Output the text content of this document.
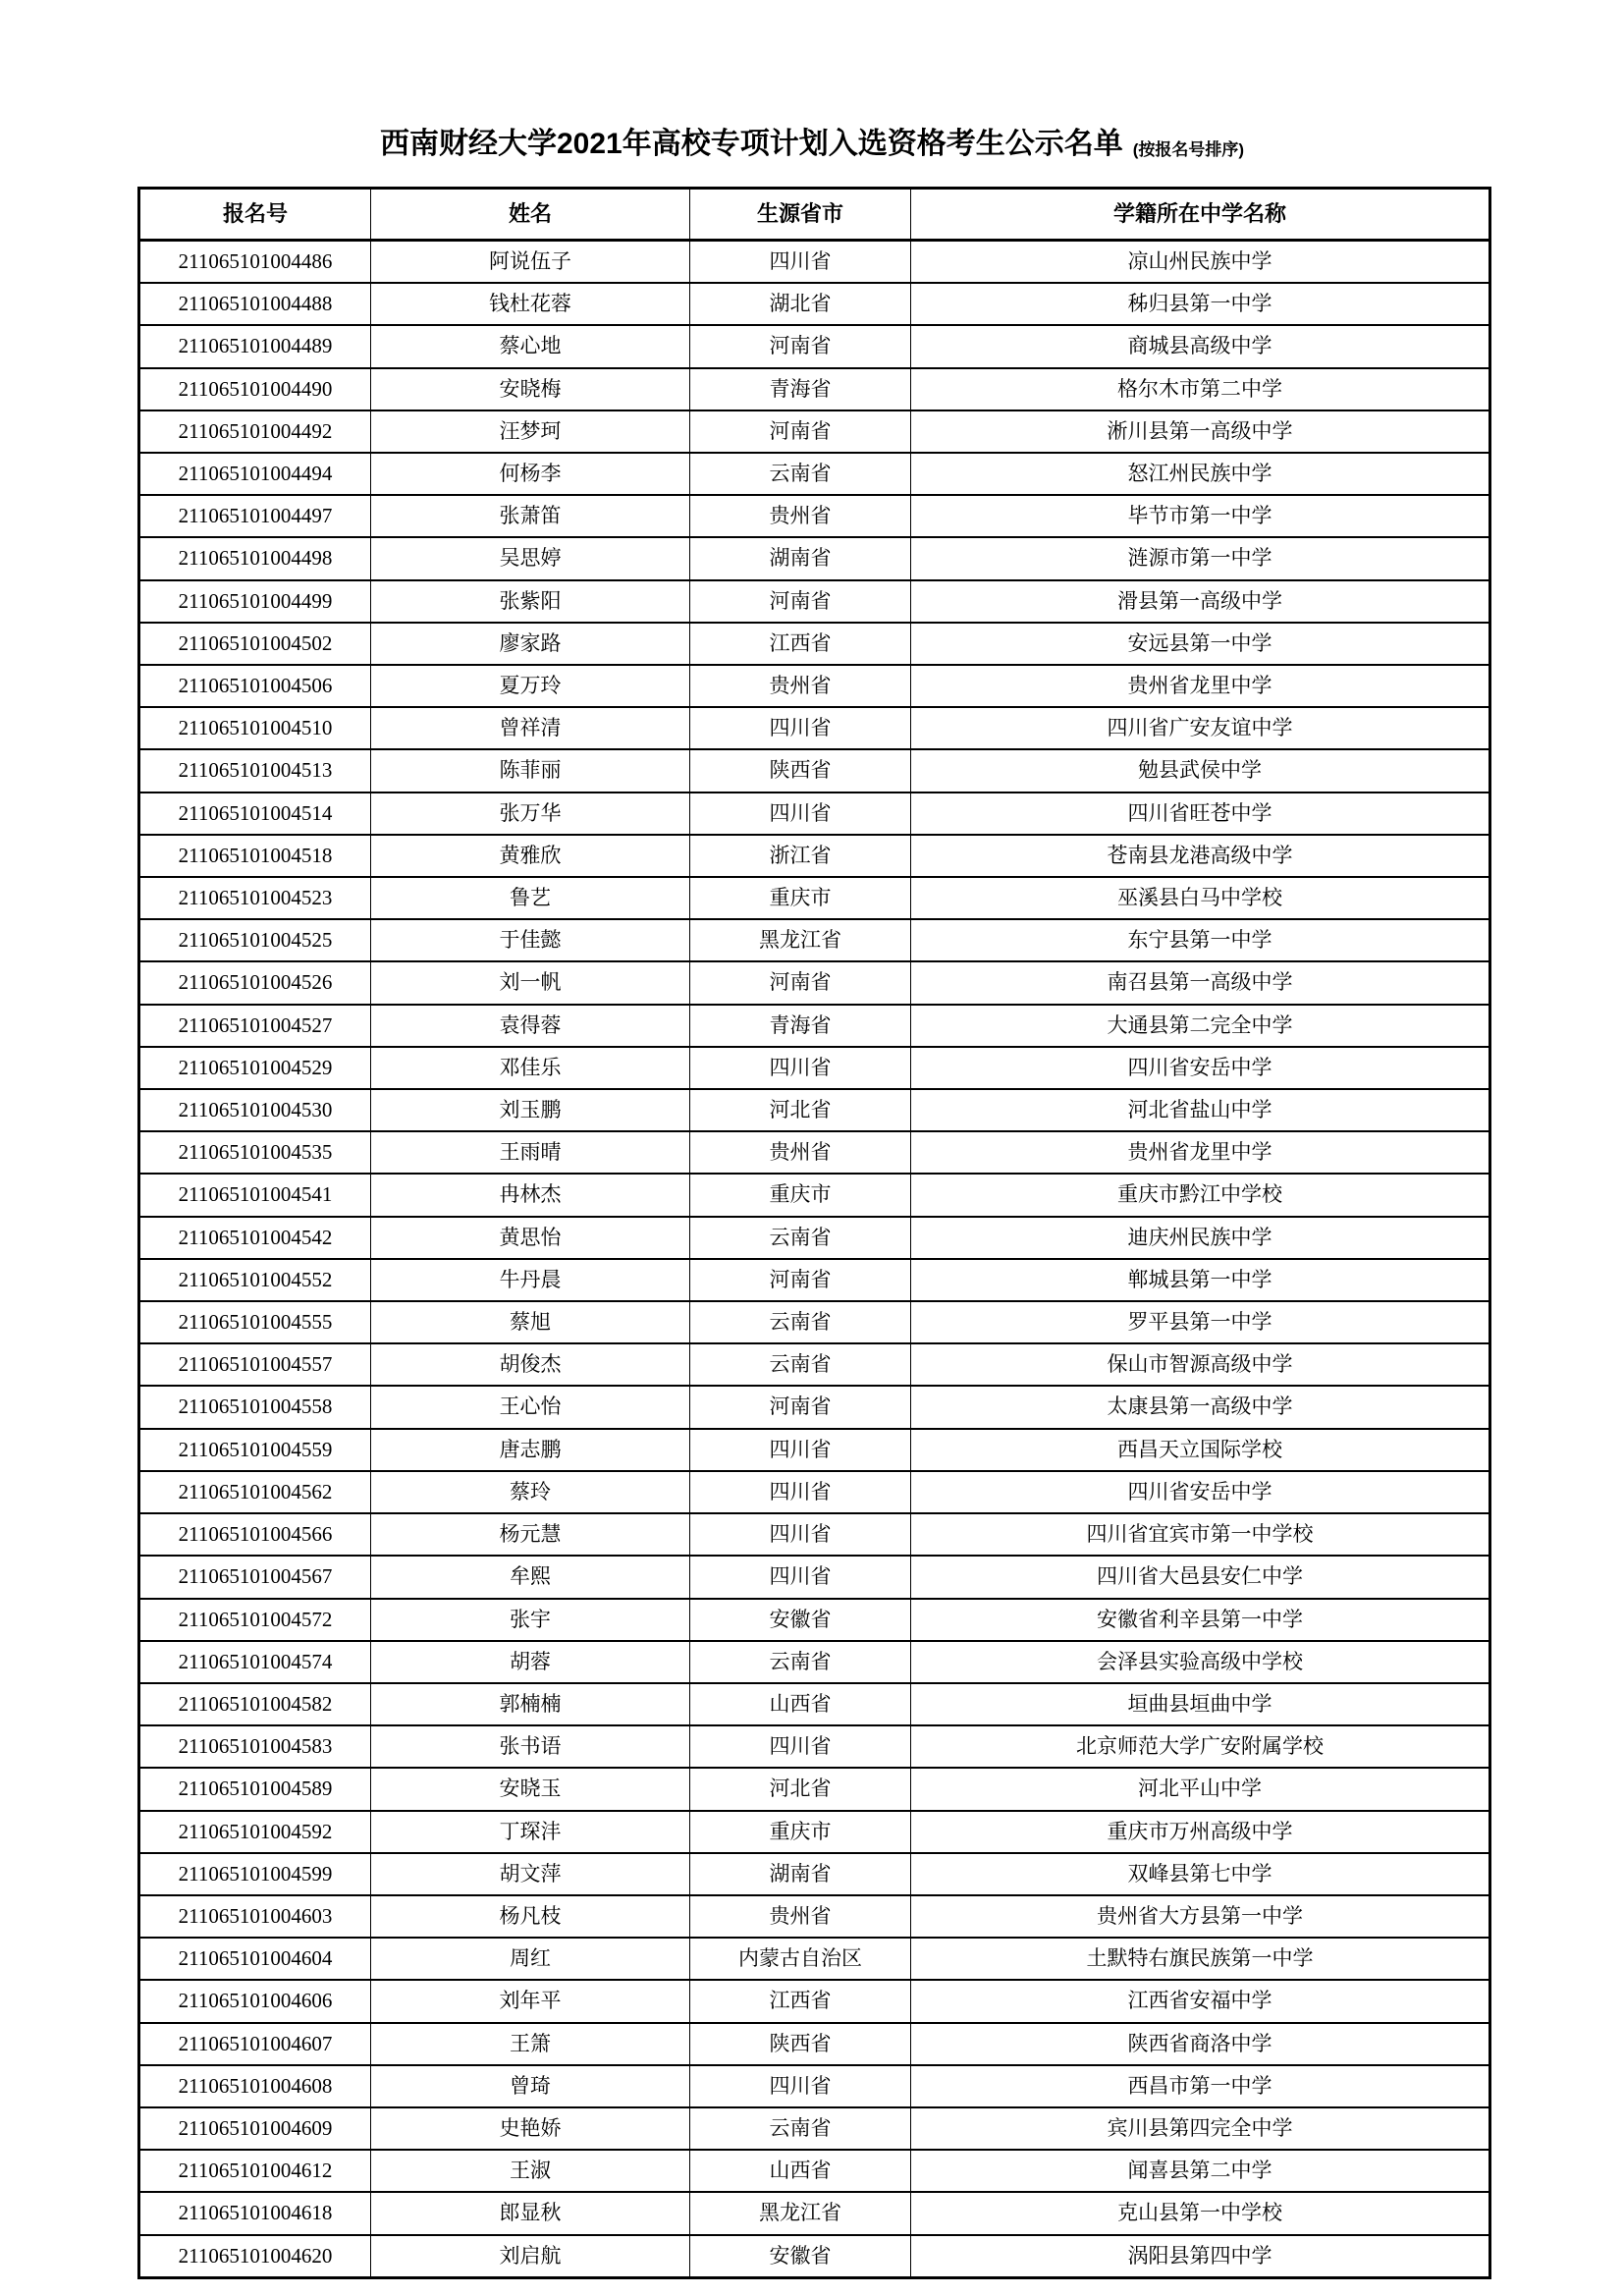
西南财经大学2021年高校专项计划入选资格考生公示名单 (按报名号排序)
报名号	姓名	生源省市	学籍所在中学名称
211065101004486	阿说伍子	四川省	凉山州民族中学
211065101004488	钱杜花蓉	湖北省	秭归县第一中学
211065101004489	蔡心地	河南省	商城县高级中学
211065101004490	安晓梅	青海省	格尔木市第二中学
211065101004492	汪梦珂	河南省	淅川县第一高级中学
211065101004494	何杨李	云南省	怒江州民族中学
211065101004497	张萧笛	贵州省	毕节市第一中学
211065101004498	吴思婷	湖南省	涟源市第一中学
211065101004499	张紫阳	河南省	滑县第一高级中学
211065101004502	廖家路	江西省	安远县第一中学
211065101004506	夏万玲	贵州省	贵州省龙里中学
211065101004510	曾祥清	四川省	四川省广安友谊中学
211065101004513	陈菲丽	陕西省	勉县武侯中学
211065101004514	张万华	四川省	四川省旺苍中学
211065101004518	黄雅欣	浙江省	苍南县龙港高级中学
211065101004523	鲁艺	重庆市	巫溪县白马中学校
211065101004525	于佳懿	黑龙江省	东宁县第一中学
211065101004526	刘一帆	河南省	南召县第一高级中学
211065101004527	袁得蓉	青海省	大通县第二完全中学
211065101004529	邓佳乐	四川省	四川省安岳中学
211065101004530	刘玉鹏	河北省	河北省盐山中学
211065101004535	王雨晴	贵州省	贵州省龙里中学
211065101004541	冉林杰	重庆市	重庆市黔江中学校
211065101004542	黄思怡	云南省	迪庆州民族中学
211065101004552	牛丹晨	河南省	郸城县第一中学
211065101004555	蔡旭	云南省	罗平县第一中学
211065101004557	胡俊杰	云南省	保山市智源高级中学
211065101004558	王心怡	河南省	太康县第一高级中学
211065101004559	唐志鹏	四川省	西昌天立国际学校
211065101004562	蔡玲	四川省	四川省安岳中学
211065101004566	杨元慧	四川省	四川省宜宾市第一中学校
211065101004567	牟熙	四川省	四川省大邑县安仁中学
211065101004572	张宇	安徽省	安徽省利辛县第一中学
211065101004574	胡蓉	云南省	会泽县实验高级中学校
211065101004582	郭楠楠	山西省	垣曲县垣曲中学
211065101004583	张书语	四川省	北京师范大学广安附属学校
211065101004589	安晓玉	河北省	河北平山中学
211065101004592	丁琛沣	重庆市	重庆市万州高级中学
211065101004599	胡文萍	湖南省	双峰县第七中学
211065101004603	杨凡枝	贵州省	贵州省大方县第一中学
211065101004604	周红	内蒙古自治区	土默特右旗民族第一中学
211065101004606	刘年平	江西省	江西省安福中学
211065101004607	王箫	陕西省	陕西省商洛中学
211065101004608	曾琦	四川省	西昌市第一中学
211065101004609	史艳娇	云南省	宾川县第四完全中学
211065101004612	王淑	山西省	闻喜县第二中学
211065101004618	郎显秋	黑龙江省	克山县第一中学校
211065101004620	刘启航	安徽省	涡阳县第四中学
